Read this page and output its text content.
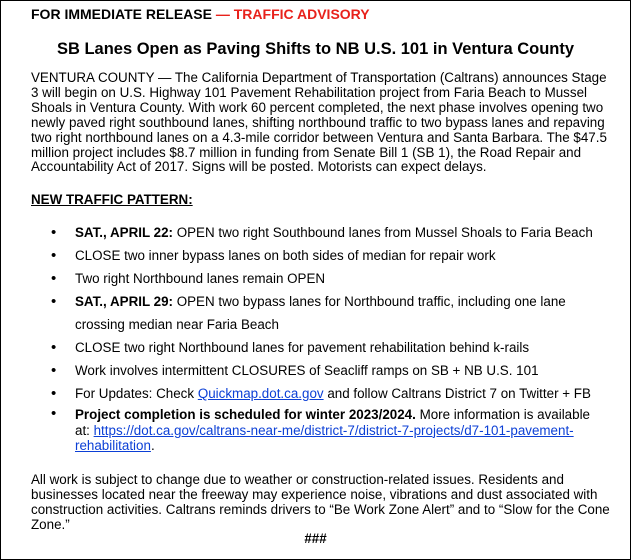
FOR IMMEDIATE RELEASE — TRAFFIC ADVISORY
SB Lanes Open as Paving Shifts to NB U.S. 101 in Ventura County

VENTURA COUNTY — The California Department of Transportation (Caltrans) announces Stage 3 will begin on U.S. Highway 101 Pavement Rehabilitation project from Faria Beach to Mussel Shoals in Ventura County. With work 60 percent completed, the next phase involves opening two newly paved right southbound lanes, shifting northbound traffic to two bypass lanes and repaving two right northbound lanes on a 4.3-mile corridor between Ventura and Santa Barbara. The $47.5 million project includes $8.7 million in funding from Senate Bill 1 (SB 1), the Road Repair and Accountability Act of 2017. Signs will be posted. Motorists can expect delays.

NEW TRAFFIC PATTERN:
• SAT., APRIL 22: OPEN two right Southbound lanes from Mussel Shoals to Faria Beach
• CLOSE two inner bypass lanes on both sides of median for repair work
• Two right Northbound lanes remain OPEN
• SAT., APRIL 29: OPEN two bypass lanes for Northbound traffic, including one lane crossing median near Faria Beach
• CLOSE two right Northbound lanes for pavement rehabilitation behind k-rails
• Work involves intermittent CLOSURES of Seacliff ramps on SB + NB U.S. 101
• For Updates: Check Quickmap.dot.ca.gov and follow Caltrans District 7 on Twitter + FB
• Project completion is scheduled for winter 2023/2024. More information is available at: https://dot.ca.gov/caltrans-near-me/district-7/district-7-projects/d7-101-pavement-rehabilitation.

All work is subject to change due to weather or construction-related issues. Residents and businesses located near the freeway may experience noise, vibrations and dust associated with construction activities. Caltrans reminds drivers to “Be Work Zone Alert” and to “Slow for the Cone Zone.”

###
